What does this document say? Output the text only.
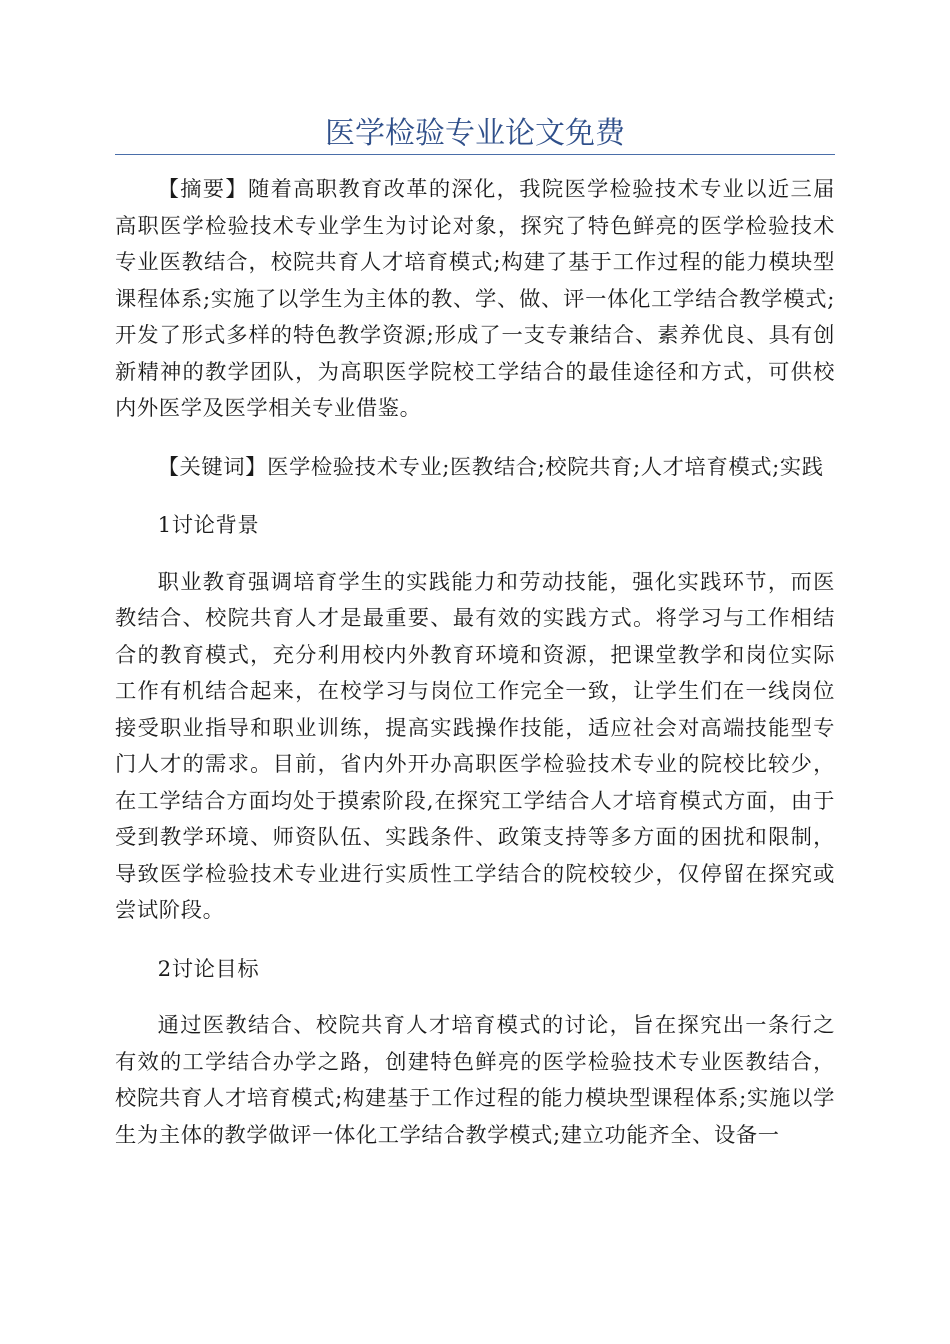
医学检验专业论文免费

【摘要】随着高职教育改革的深化，我院医学检验技术专业以近三届高职医学检验技术专业学生为讨论对象，探究了特色鲜亮的医学检验技术专业医教结合，校院共育人才培育模式;构建了基于工作过程的能力模块型课程体系;实施了以学生为主体的教、学、做、评一体化工学结合教学模式;开发了形式多样的特色教学资源;形成了一支专兼结合、素养优良、具有创新精神的教学团队，为高职医学院校工学结合的最佳途径和方式，可供校内外医学及医学相关专业借鉴。

【关键词】医学检验技术专业;医教结合;校院共育;人才培育模式;实践

1讨论背景

职业教育强调培育学生的实践能力和劳动技能，强化实践环节，而医教结合、校院共育人才是最重要、最有效的实践方式。将学习与工作相结合的教育模式，充分利用校内外教育环境和资源，把课堂教学和岗位实际工作有机结合起来，在校学习与岗位工作完全一致，让学生们在一线岗位接受职业指导和职业训练，提高实践操作技能，适应社会对高端技能型专门人才的需求。目前，省内外开办高职医学检验技术专业的院校比较少，在工学结合方面均处于摸索阶段,在探究工学结合人才培育模式方面，由于受到教学环境、师资队伍、实践条件、政策支持等多方面的困扰和限制，导致医学检验技术专业进行实质性工学结合的院校较少，仅停留在探究或尝试阶段。

2讨论目标

通过医教结合、校院共育人才培育模式的讨论，旨在探究出一条行之有效的工学结合办学之路，创建特色鲜亮的医学检验技术专业医教结合，校院共育人才培育模式;构建基于工作过程的能力模块型课程体系;实施以学生为主体的教学做评一体化工学结合教学模式;建立功能齐全、设备一
